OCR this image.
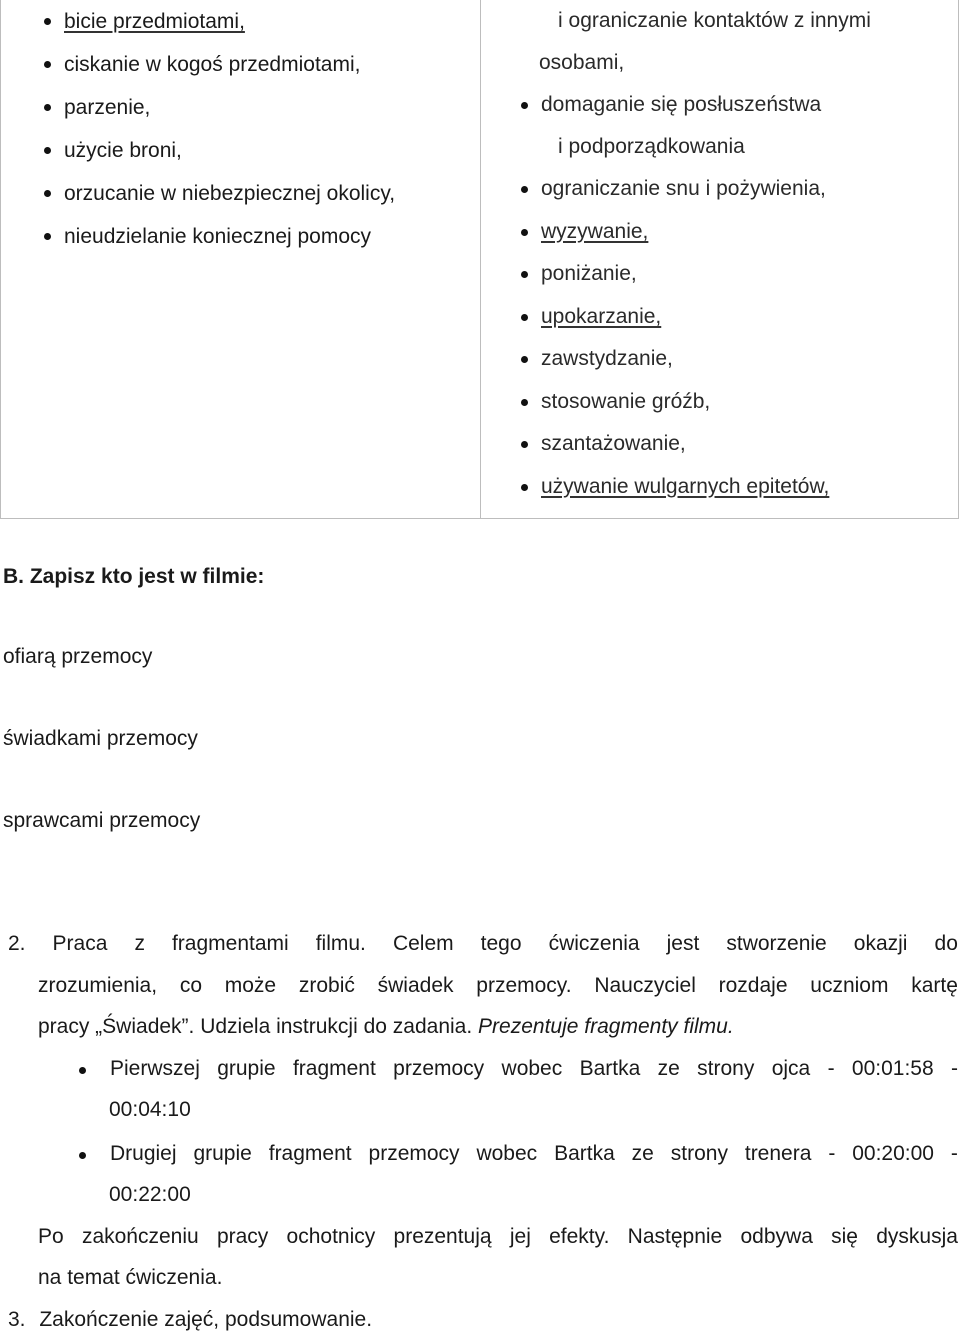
bicie przedmiotami,
ciskanie w kogoś przedmiotami,
parzenie,
użycie broni,
orzucanie w niebezpiecznej okolicy,
nieudzielanie koniecznej pomocy
i ograniczanie kontaktów z innymi
osobami,
domaganie się posłuszeństwa
i podporządkowania
ograniczanie snu i pożywienia,
wyzywanie,
poniżanie,
upokarzanie,
zawstydzanie,
stosowanie gróźb,
szantażowanie,
używanie wulgarnych epitetów,
B. Zapisz kto jest w filmie:
ofiarą przemocy
świadkami przemocy
sprawcami przemocy
2. Praca z fragmentami filmu. Celem tego ćwiczenia jest stworzenie okazji do
zrozumienia, co może zrobić świadek przemocy. Nauczyciel rozdaje uczniom kartę
pracy „Świadek”. Udziela instrukcji do zadania. Prezentuje fragmenty filmu.
Pierwszej grupie fragment przemocy wobec Bartka ze strony ojca - 00:01:58 -
00:04:10
Drugiej grupie fragment przemocy wobec Bartka ze strony trenera - 00:20:00 -
00:22:00
Po zakończeniu pracy ochotnicy prezentują jej efekty. Następnie odbywa się dyskusja
na temat ćwiczenia.
3. Zakończenie zajęć, podsumowanie.
